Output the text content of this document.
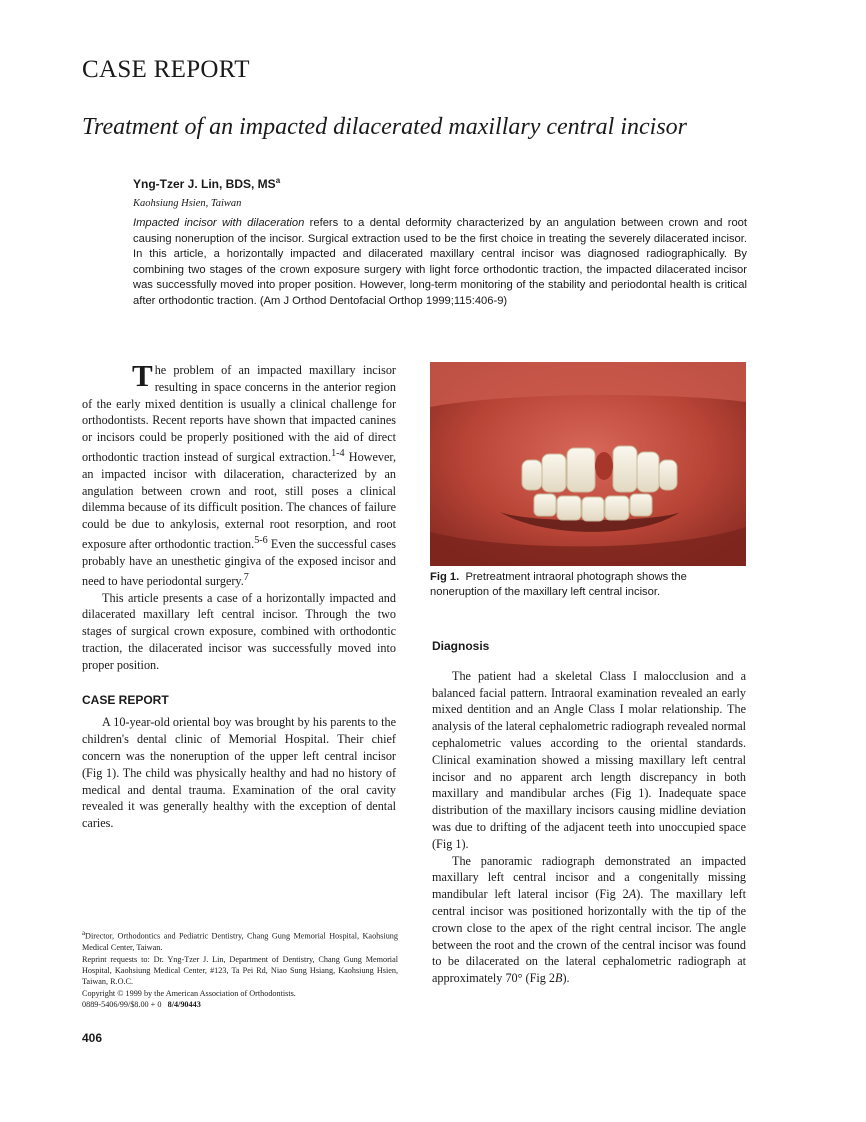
CASE REPORT
Treatment of an impacted dilacerated maxillary central incisor
Yng-Tzer J. Lin, BDS, $MS^a$
Kaohsiung Hsien, Taiwan
Impacted incisor with dilaceration refers to a dental deformity characterized by an angulation between crown and root causing noneruption of the incisor. Surgical extraction used to be the first choice in treating the severely dilacerated incisor. In this article, a horizontally impacted and dilacerated maxillary central incisor was diagnosed radiographically. By combining two stages of the crown exposure surgery with light force orthodontic traction, the impacted dilacerated incisor was successfully moved into proper position. However, long-term monitoring of the stability and periodontal health is critical after orthodontic traction. (Am J Orthod Dentofacial Orthop 1999;115:406-9)

The problem of an impacted maxillary incisor resulting in space concerns in the anterior region of the early mixed dentition is usually a clinical challenge for orthodontists. Recent reports have shown that impacted canines or incisors could be properly positioned with the aid of direct orthodontic traction instead of surgical extraction.$^{1-4}$ However, an impacted incisor with dilaceration, characterized by an angulation between crown and root, still poses a clinical dilemma because of its difficult position. The chances of failure could be due to ankylosis, external root resorption, and root exposure after orthodontic traction.$^{5-6}$ Even the successful cases probably have an unesthetic gingiva of the exposed incisor and need to have periodontal surgery.$^7$

This article presents a case of a horizontally impacted and dilacerated maxillary left central incisor. Through the two stages of surgical crown exposure, combined with orthodontic traction, the dilacerated incisor was successfully moved into proper position.

CASE REPORT

A 10-year-old oriental boy was brought by his parents to the children's dental clinic of Memorial Hospital. Their chief concern was the noneruption of the upper left central incisor (Fig 1). The child was physically healthy and had no history of medical and dental trauma. Examination of the oral cavity revealed it was generally healthy with the exception of dental caries.

$^a$Director, Orthodontics and Pediatric Dentistry, Chang Gung Memorial Hospital, Kaohsiung Medical Center, Taiwan.

Reprint requests to: Dr. Yng-Tzer J. Lin, Department of Dentistry, Chang Gung Memorial Hospital, Kaohsiung Medical Center, #123, Ta Pei Rd, Niao Sung Hsiang, Kaohsiung Hsien, Taiwan, R.O.C.

Copyright © 1999 by the American Association of Orthodontists.

0889-5406/99/$8.00 + 0 8/4/90443

406
Fig 1. Pretreatment intraoral photograph shows the noneruption of the maxillary left central incisor.
Diagnosis

The patient had a skeletal Class I malocclusion and a balanced facial pattern. Intraoral examination revealed an early mixed dentition and an Angle Class I molar relationship. The analysis of the lateral cephalometric radiograph revealed normal cephalometric values according to the oriental standards. Clinical examination showed a missing maxillary left central incisor and no apparent arch length discrepancy in both maxillary and mandibular arches (Fig 1). Inadequate space distribution of the maxillary incisors causing midline deviation was due to drifting of the adjacent teeth into unoccupied space (Fig 1).

The panoramic radiograph demonstrated an impacted maxillary left central incisor and a congenitally missing mandibular left lateral incisor (Fig 2A). The maxillary left central incisor was positioned horizontally with the tip of the crown close to the apex of the right central incisor. The angle between the root and the crown of the central incisor was found to be dilacerated on the lateral cephalometric radiograph at approximately 70° (Fig 2B).
